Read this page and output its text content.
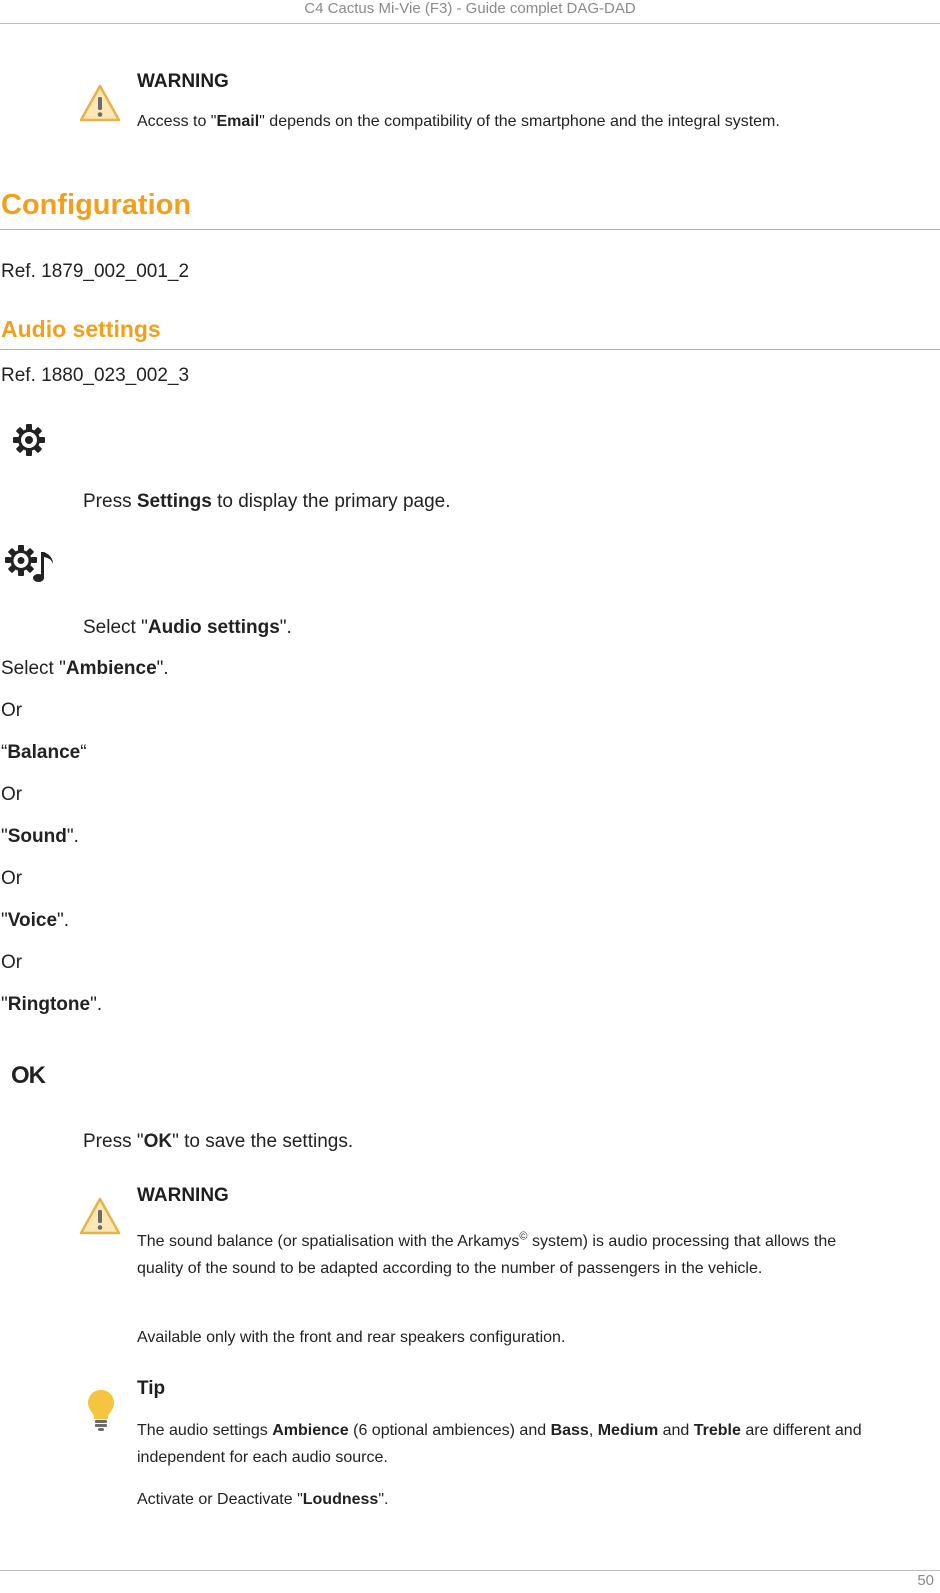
C4 Cactus Mi-Vie (F3) - Guide complet DAG-DAD
WARNING
Access to "Email" depends on the compatibility of the smartphone and the integral system.
Configuration
Ref. 1879_002_001_2
Audio settings
Ref. 1880_023_002_3
Press Settings to display the primary page.
Select "Audio settings".
Select "Ambience".
Or
“Balance“
Or
"Sound".
Or
"Voice".
Or
"Ringtone".
OK
Press "OK" to save the settings.
WARNING
The sound balance (or spatialisation with the Arkamys© system) is audio processing that allows the quality of the sound to be adapted according to the number of passengers in the vehicle.
Available only with the front and rear speakers configuration.
Tip
The audio settings Ambience (6 optional ambiences) and Bass, Medium and Treble are different and independent for each audio source.
Activate or Deactivate "Loudness".
50
